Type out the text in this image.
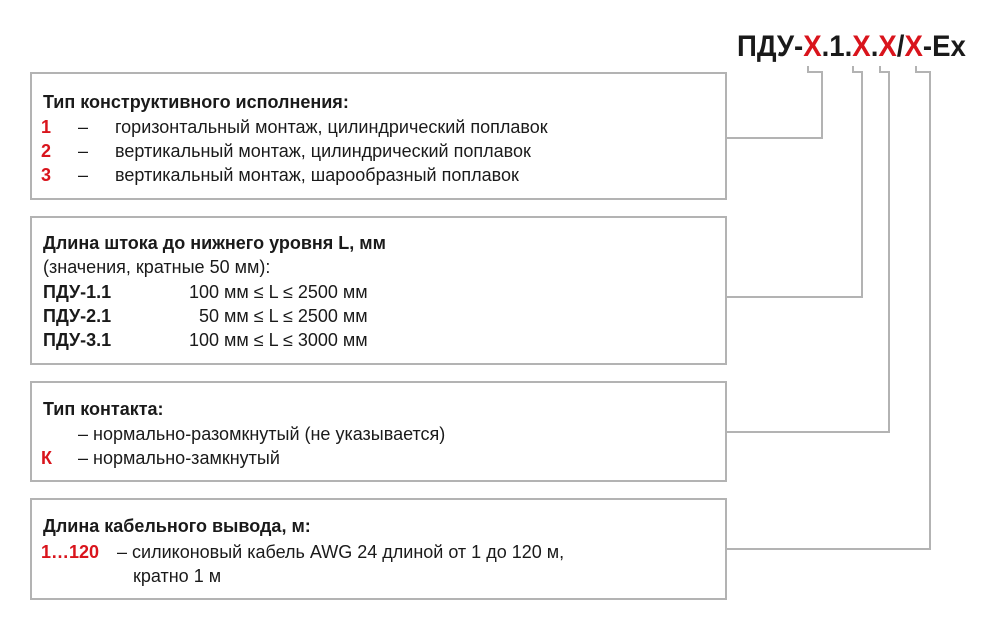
ПДУ-Х.1.Х.Х/Х-Ex
Тип конструктивного исполнения:
1 – горизонтальный монтаж, цилиндрический поплавок
2 – вертикальный монтаж, цилиндрический поплавок
3 – вертикальный монтаж, шарообразный поплавок
Длина штока до нижнего уровня L, мм
(значения, кратные 50 мм):
ПДУ-1.1	100 мм ≤ L ≤ 2500 мм
ПДУ-2.1	50 мм ≤ L ≤ 2500 мм
ПДУ-3.1	100 мм ≤ L ≤ 3000 мм
Тип контакта:
– нормально-разомкнутый (не указывается)
К – нормально-замкнутый
Длина кабельного вывода, м:
1…120 – силиконовый кабель AWG 24 длиной от 1 до 120 м,
кратно 1 м
